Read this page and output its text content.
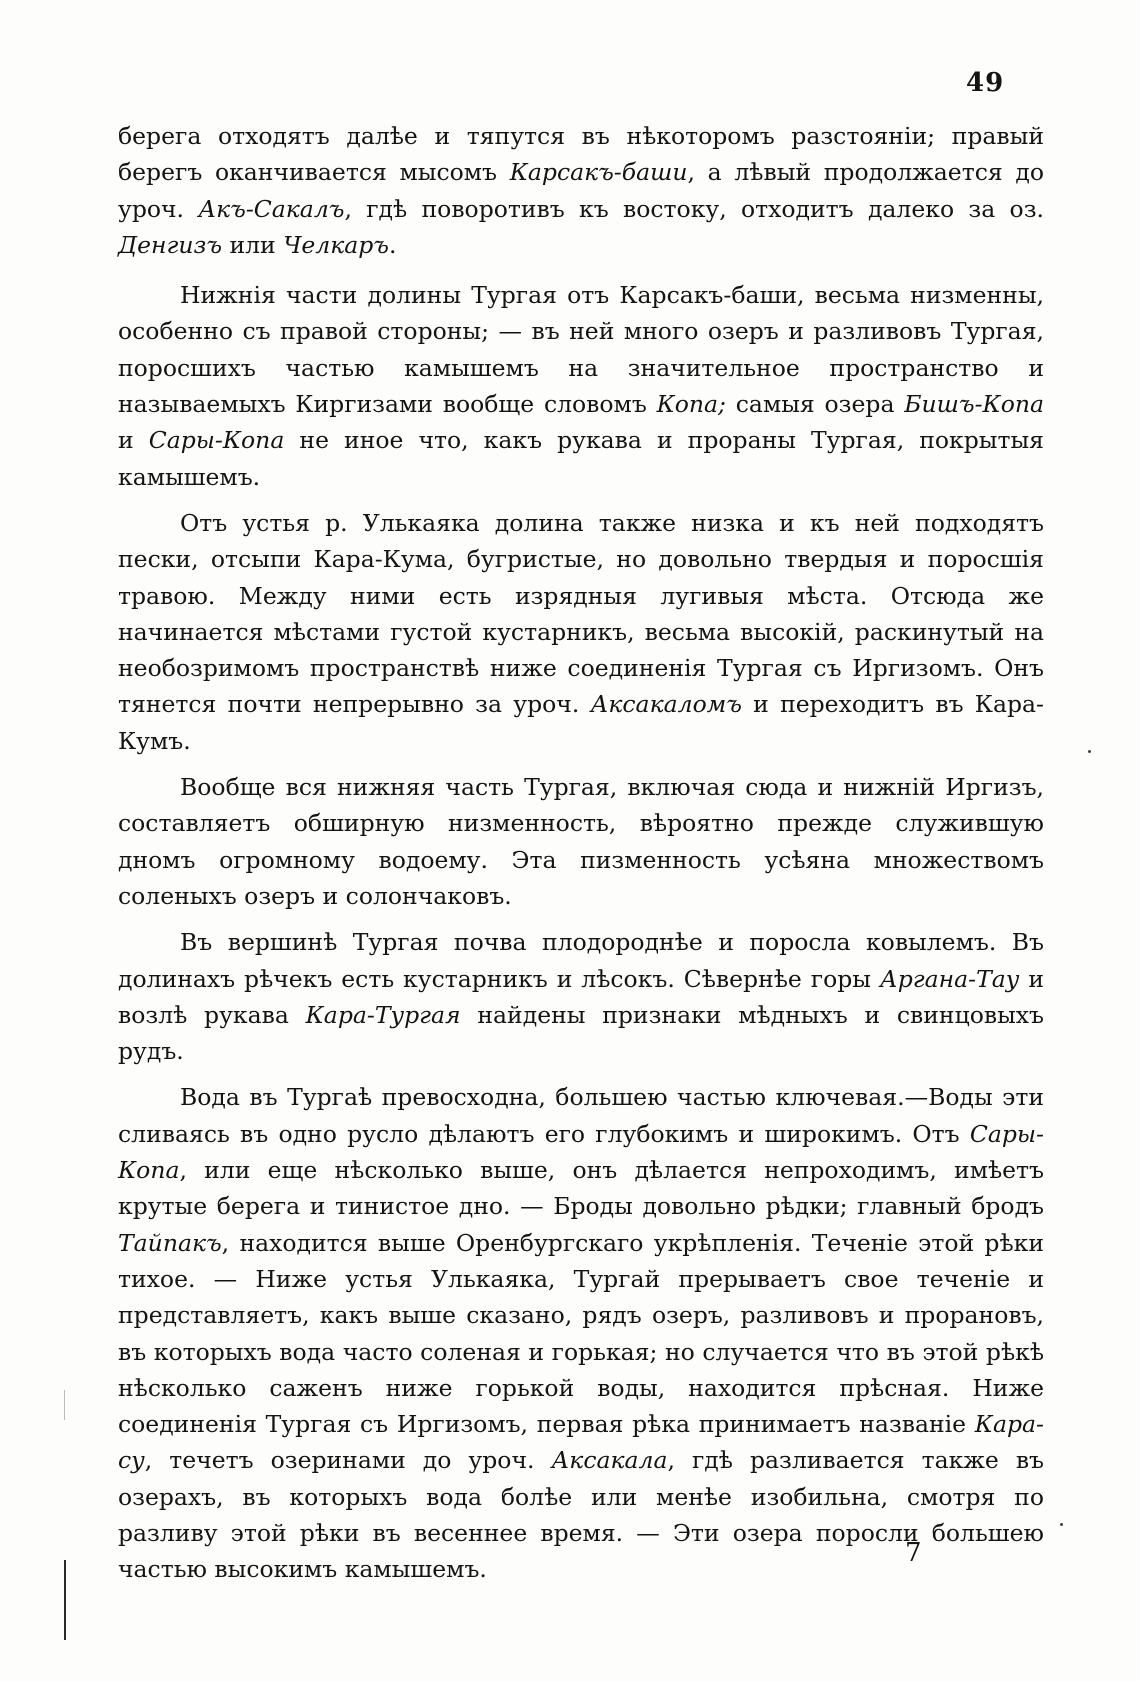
49

берега отходятъ далѣе и тяпутся въ нѣкоторомъ разстояніи; правый берегъ оканчивается мысомъ Карсакъ-баши, а лѣвый продолжается до уроч. Акъ-Сакалъ, гдѣ поворотивъ къ востоку, отходитъ далеко за оз. Денгизъ или Челкаръ.

Нижнія части долины Тургая отъ Карсакъ-баши, весьма низменны, особенно съ правой стороны; — въ ней много озеръ и разливовъ Тургая, поросшихъ частью камышемъ на значительное пространство и называемыхъ Киргизами вообще словомъ Копа; самыя озера Бишъ-Копа и Сары-Копа не иное что, какъ рукава и прораны Тургая, покрытыя камышемъ.

Отъ устья р. Улькаяка долина также низка и къ ней подходятъ пески, отсыпи Кара-Кума, бугристые, но довольно твердыя и поросшія травою. Между ними есть изрядныя лугивыя мѣста. Отсюда же начинается мѣстами густой кустарникъ, весьма высокій, раскинутый на необозримомъ пространствѣ ниже соединенія Тургая съ Иргизомъ. Онъ тянется почти непрерывно за уроч. Аксакаломъ и переходитъ въ Кара-Кумъ.

Вообще вся нижняя часть Тургая, включая сюда и нижній Иргизъ, составляетъ обширную низменность, вѣроятно прежде служившую дномъ огромному водоему. Эта пизменность усѣяна множествомъ соленыхъ озеръ и солончаковъ.

Въ вершинѣ Тургая почва плодороднѣе и поросла ковылемъ. Въ долинахъ рѣчекъ есть кустарникъ и лѣсокъ. Сѣвернѣе горы Аргана-Тау и возлѣ рукава Кара-Тургая найдены признаки мѣдныхъ и свинцовыхъ рудъ.

Вода въ Тургаѣ превосходна, большею частью ключевая.—Воды эти сливаясь въ одно русло дѣлаютъ его глубокимъ и широкимъ. Отъ Сары-Копа, или еще нѣсколько выше, онъ дѣлается непроходимъ, имѣетъ крутые берега и тинистое дно. — Броды довольно рѣдки; главный бродъ Тайпакъ, находится выше Оренбургскаго укрѣпленія. Теченіе этой рѣки тихое. — Ниже устья Улькаяка, Тургай прерываетъ свое теченіе и представляетъ, какъ выше сказано, рядъ озеръ, разливовъ и прорановъ, въ которыхъ вода часто соленая и горькая; но случается что въ этой рѣкѣ нѣсколько саженъ ниже горькой воды, находится прѣсная. Ниже соединенія Тургая съ Иргизомъ, первая рѣка принимаетъ названіе Кара-су, течетъ озеринами до уроч. Аксакала, гдѣ разливается также въ озерахъ, въ которыхъ вода болѣе или менѣе изобильна, смотря по разливу этой рѣки въ весеннее время. — Эти озера поросли большею частью высокимъ камышемъ.

7
